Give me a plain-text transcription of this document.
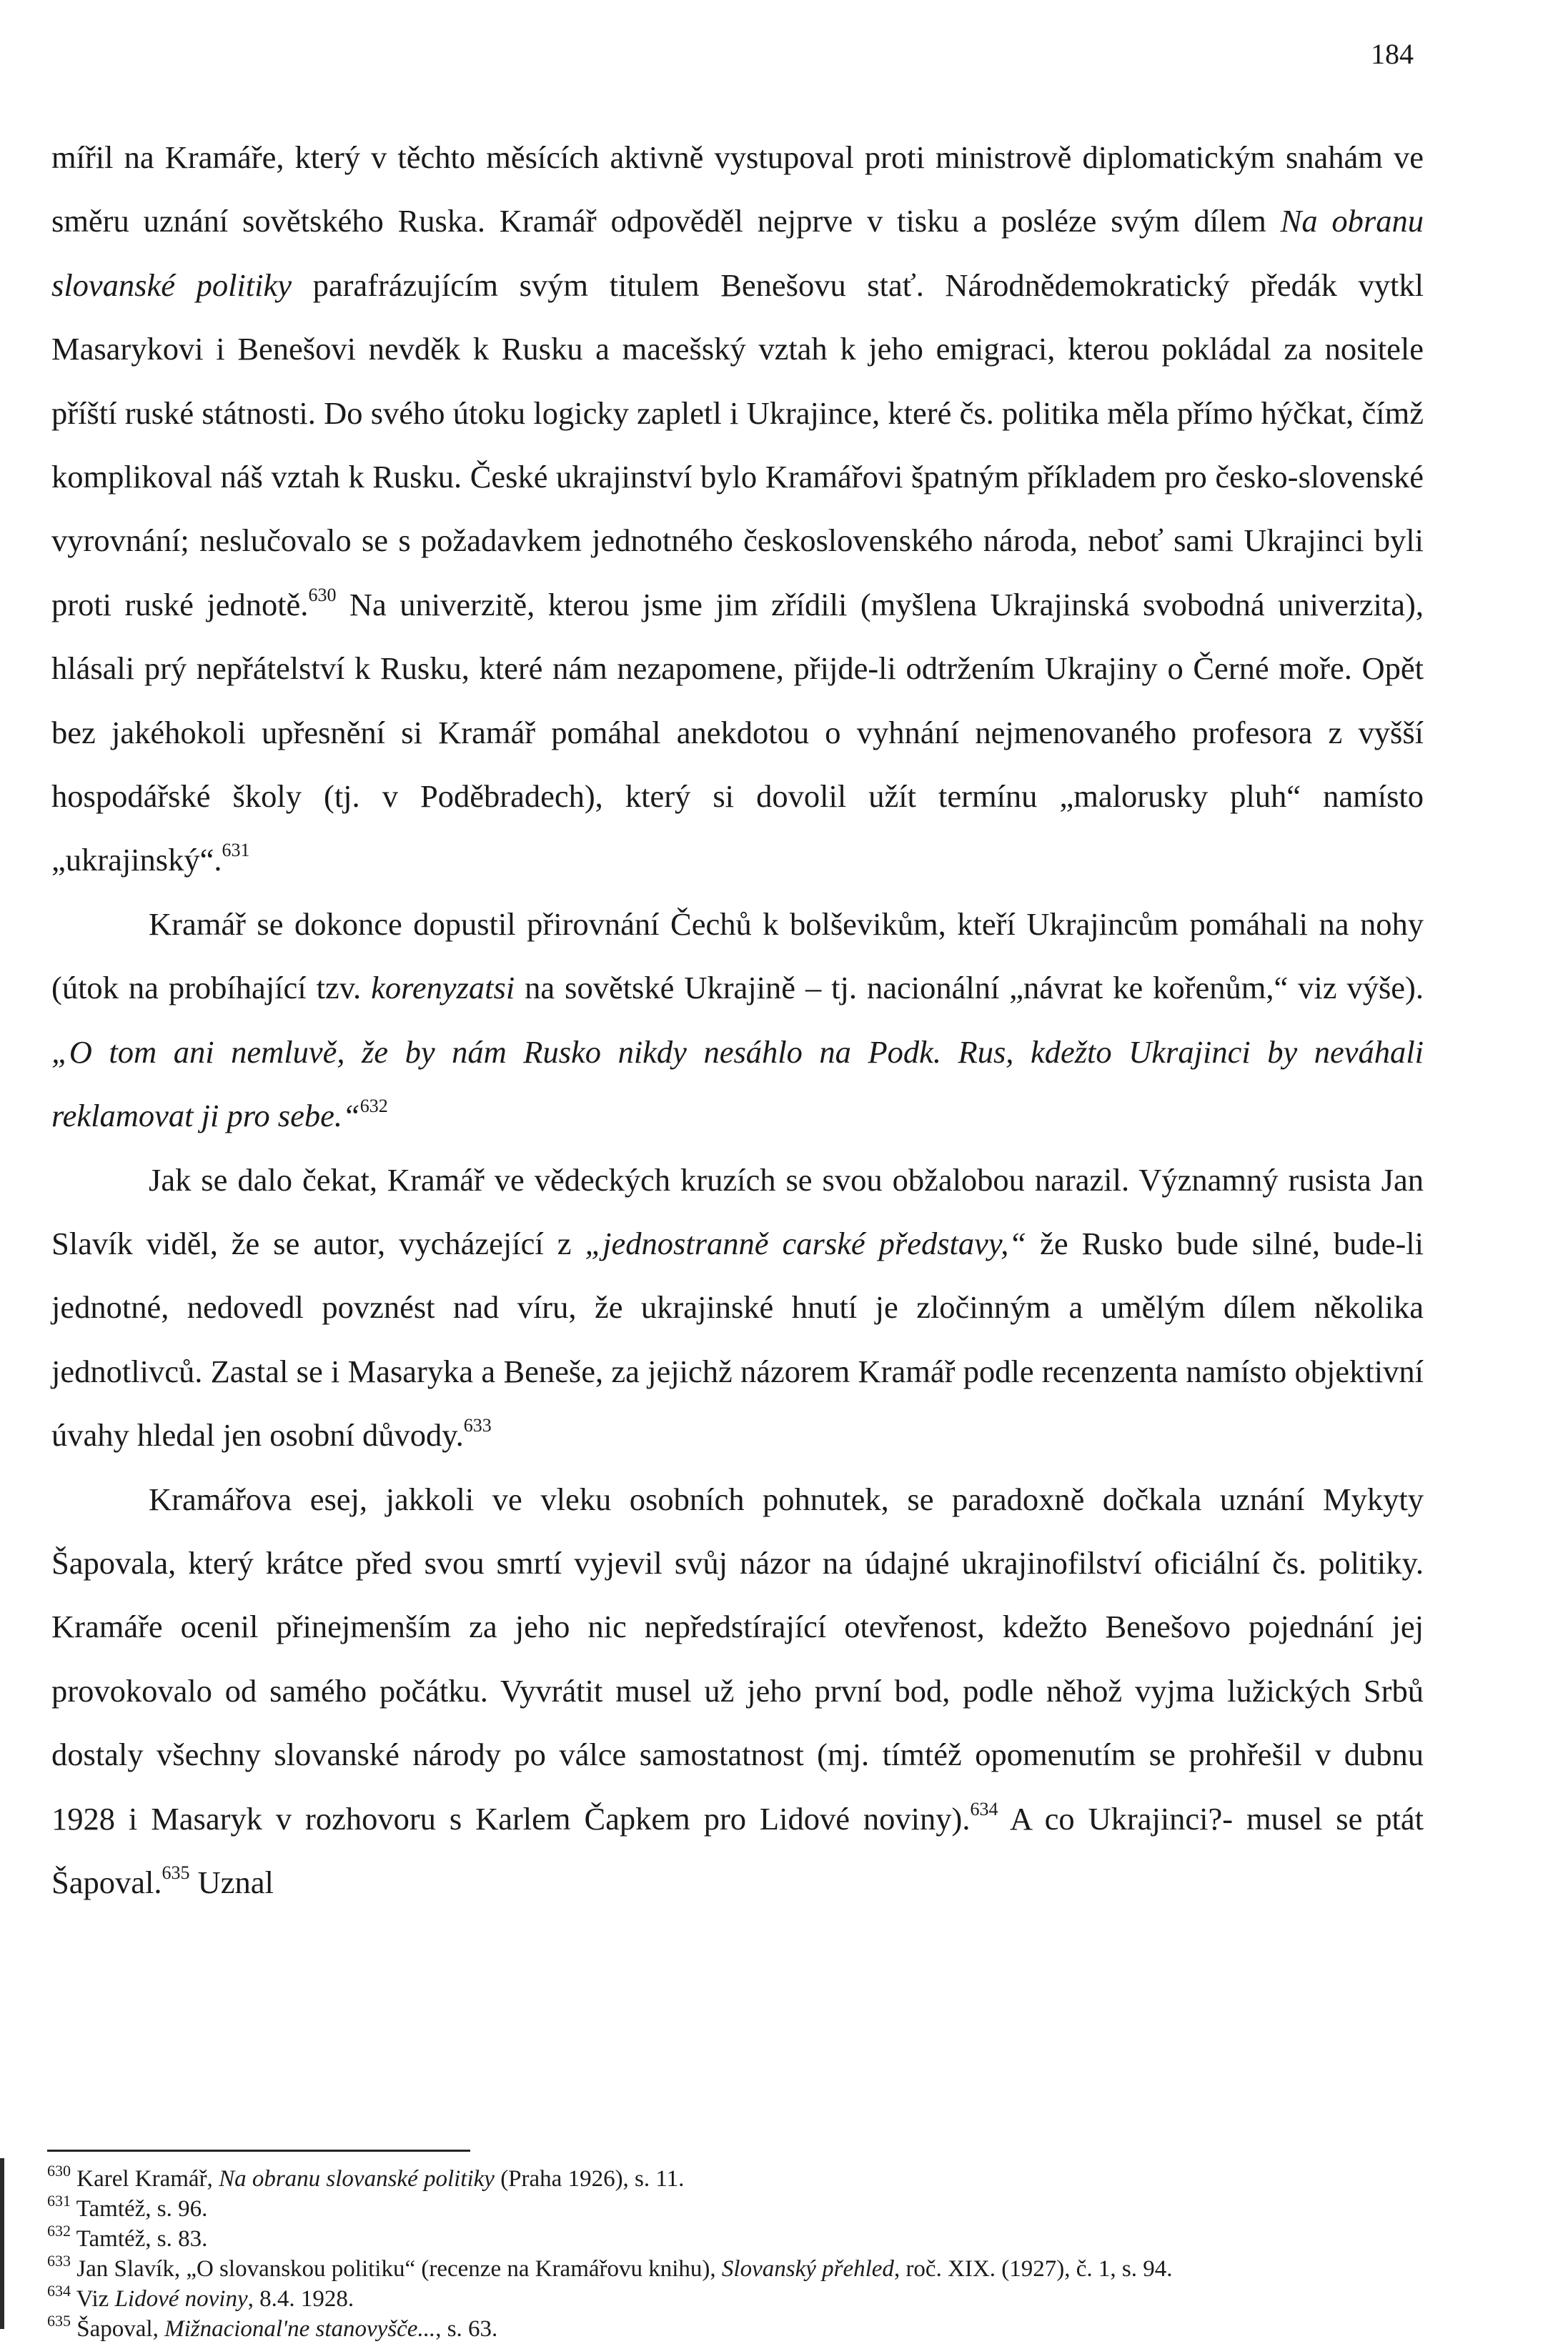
184

mířil na Kramáře, který v těchto měsících aktivně vystupoval proti ministrově diplomatickým snahám ve směru uznání sovětského Ruska. Kramář odpověděl nejprve v tisku a posléze svým dílem Na obranu slovanské politiky parafrázujícím svým titulem Benešovu stať. Národnědemokratický předák vytkl Masarykovi i Benešovi nevděk k Rusku a macešský vztah k jeho emigraci, kterou pokládal za nositele příští ruské státnosti. Do svého útoku logicky zapletl i Ukrajince, které čs. politika měla přímo hýčkat, čímž komplikoval náš vztah k Rusku. České ukrajinství bylo Kramářovi špatným příkladem pro česko-slovenské vyrovnání; neslučovalo se s požadavkem jednotného československého národa, neboť sami Ukrajinci byli proti ruské jednotě.$^{630}$ Na univerzitě, kterou jsme jim zřídili (myšlena Ukrajinská svobodná univerzita), hlásali prý nepřátelství k Rusku, které nám nezapomene, přijde-li odtržením Ukrajiny o Černé moře. Opět bez jakéhokoli upřesnění si Kramář pomáhal anekdotou o vyhnání nejmenovaného profesora z vyšší hospodářské školy (tj. v Poděbradech), který si dovolil užít termínu „malorusky pluh“ namísto „ukrajinský“.$^{631}$

Kramář se dokonce dopustil přirovnání Čechů k bolševikům, kteří Ukrajincům pomáhali na nohy (útok na probíhající tzv. korenyzatsi na sovětské Ukrajině – tj. nacionální „návrat ke kořenům,“ viz výše). „O tom ani nemluvě, že by nám Rusko nikdy nesáhlo na Podk. Rus, kdežto Ukrajinci by neváhali reklamovat ji pro sebe.“$^{632}$

Jak se dalo čekat, Kramář ve vědeckých kruzích se svou obžalobou narazil. Významný rusista Jan Slavík viděl, že se autor, vycházející z „jednostranně carské představy,“ že Rusko bude silné, bude-li jednotné, nedovedl povznést nad víru, že ukrajinské hnutí je zločinným a umělým dílem několika jednotlivců. Zastal se i Masaryka a Beneše, za jejichž názorem Kramář podle recenzenta namísto objektivní úvahy hledal jen osobní důvody.$^{633}$

Kramářova esej, jakkoli ve vleku osobních pohnutek, se paradoxně dočkala uznání Mykyty Šapovala, který krátce před svou smrtí vyjevil svůj názor na údajné ukrajinofilství oficiální čs. politiky. Kramáře ocenil přinejmenším za jeho nic nepředstírající otevřenost, kdežto Benešovo pojednání jej provokovalo od samého počátku. Vyvrátit musel už jeho první bod, podle něhož vyjma lužických Srbů dostaly všechny slovanské národy po válce samostatnost (mj. tímtéž opomenutím se prohřešil v dubnu 1928 i Masaryk v rozhovoru s Karlem Čapkem pro Lidové noviny).$^{634}$ A co Ukrajinci?- musel se ptát Šapoval.$^{635}$ Uznal

$^{630}$ Karel Kramář, Na obranu slovanské politiky (Praha 1926), s. 11.
$^{631}$ Tamtéž, s. 96.
$^{632}$ Tamtéž, s. 83.
$^{633}$ Jan Slavík, „O slovanskou politiku“ (recenze na Kramářovu knihu), Slovanský přehled, roč. XIX. (1927), č. 1, s. 94.
$^{634}$ Viz Lidové noviny, 8.4. 1928.
$^{635}$ Šapoval, Mižnacional'ne stanovyšče..., s. 63.
